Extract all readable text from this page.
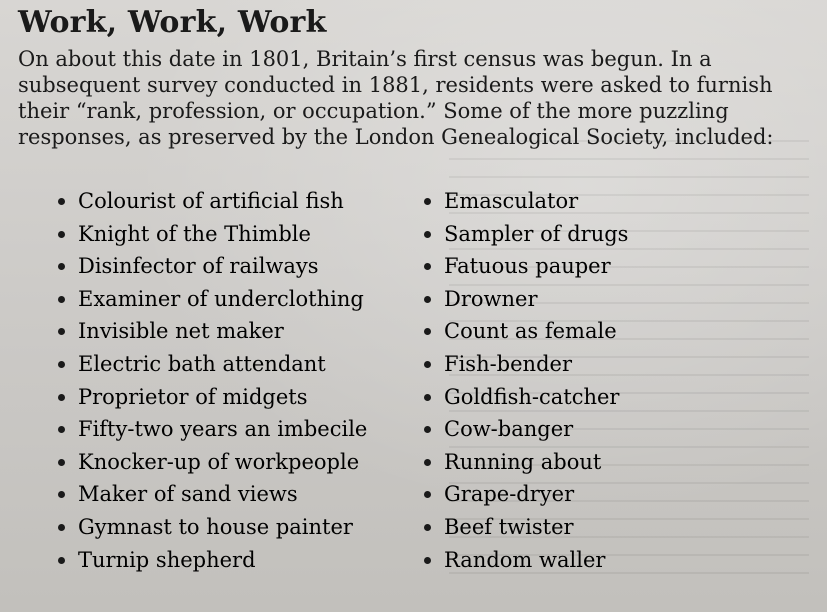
Work, Work, Work
On about this date in 1801, Britain’s first census was begun. In a subsequent survey conducted in 1881, residents were asked to furnish their “rank, profession, or occupation.” Some of the more puzzling responses, as preserved by the London Genealogical Society, included:
Colourist of artificial fish
Knight of the Thimble
Disinfector of railways
Examiner of underclothing
Invisible net maker
Electric bath attendant
Proprietor of midgets
Fifty-two years an imbecile
Knocker-up of workpeople
Maker of sand views
Gymnast to house painter
Turnip shepherd
Emasculator
Sampler of drugs
Fatuous pauper
Drowner
Count as female
Fish-bender
Goldfish-catcher
Cow-banger
Running about
Grape-dryer
Beef twister
Random waller
